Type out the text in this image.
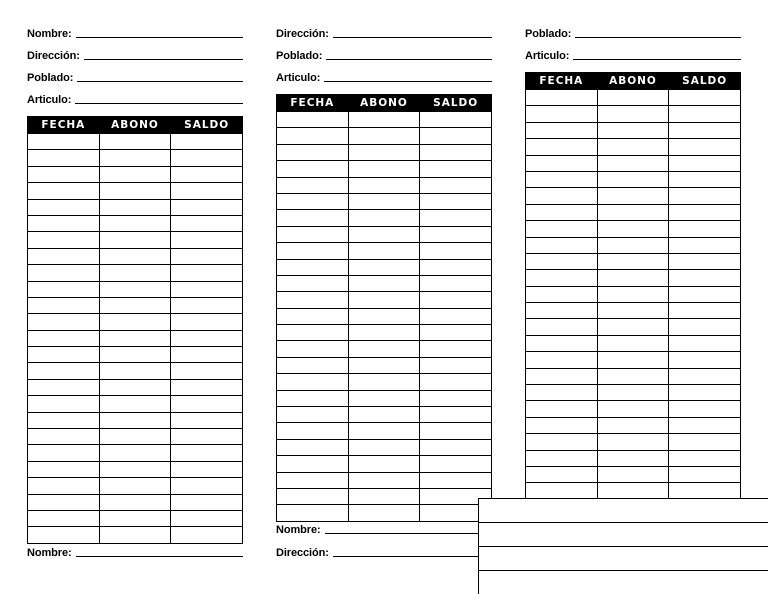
Nombre:
Dirección:
Poblado:
Articulo:
FECHA	ABONO	SALDO

Nombre:
Dirección:
Poblado:
Articulo:
FECHA	ABONO	SALDO

Nombre:
Dirección:
Poblado:
Articulo:
FECHA	ABONO	SALDO
